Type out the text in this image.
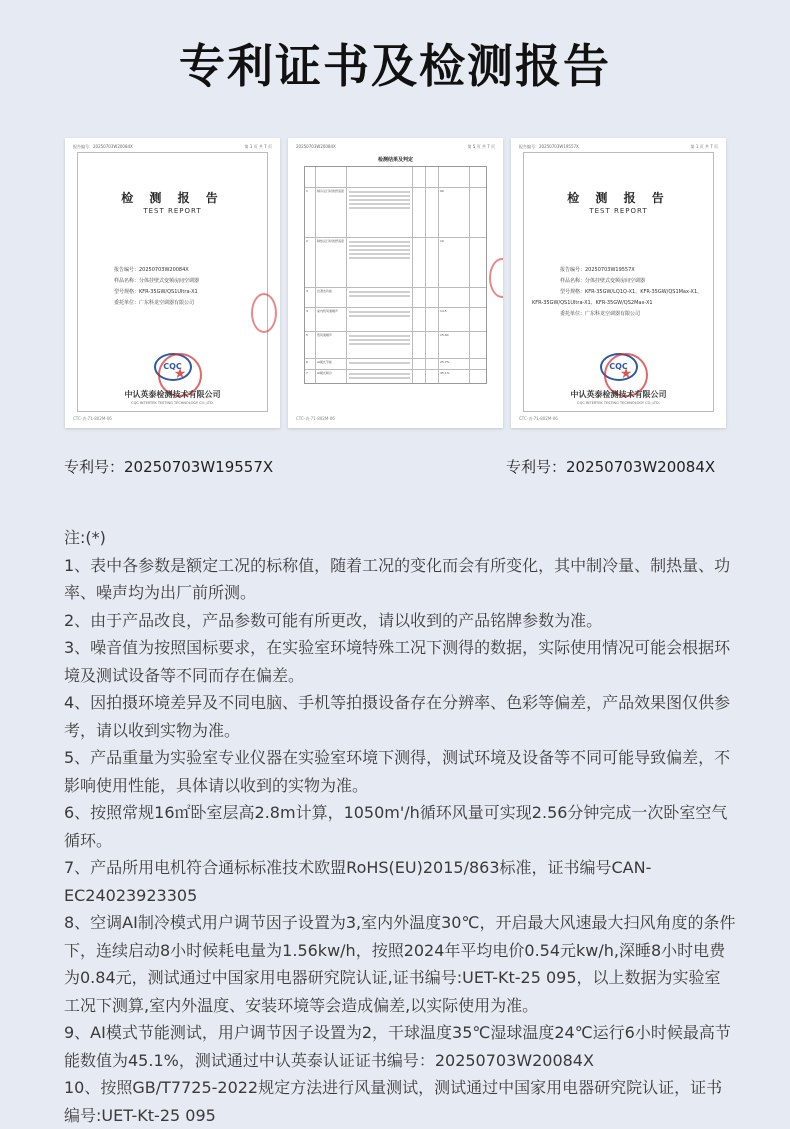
专利证书及检测报告
报告编号：20250703W20084X	第 1 页 共 7 页
检 测 报 告
TEST REPORT
报告编号：20250703W20084X
样品名称：分体挂壁式变频房间空调器
型号规格：KFR-35GW/QS1Ultra-X1
委托单位：广东科龙空调器有限公司
CQC
★
中认英泰检测技术有限公司
CQC INTERTEK TESTING TECHNOLOGY CO.,LTD.
CTC-表-71-802M-06
20250703W20084X	第 5 页 共 7 页
检测结果及判定
1	制冷运行时的舒适度	90
2	制热运行时的舒适度	10
3	自清洁功能
4	室内机风速噪声	14.5
5	低风速噪声	15.40
6	AI模式节能	25.7%
7	AI模式制冷	45.1%
CTC-表-71-802M-06
报告编号：20250703W19557X	第 1 页 共 7 页
检 测 报 告
TEST REPORT
报告编号：20250703W19557X
样品名称：分体挂壁式变频房间空调器
型号规格：KFR-35GW/LQ1Q-X1、KFR-35GW/QS1Max-X1、
KFR-35GW/QS1Ultra-X1、KFR-35GW/QS2Max-X1
委托单位：广东科龙空调器有限公司
CQC
★
中认英泰检测技术有限公司
CQC INTERTEK TESTING TECHNOLOGY CO.,LTD.
CTC-表-71-802M-06
专利号：20250703W19557X	专利号：20250703W20084X

注:(*)

1、表中各参数是额定工况的标称值，随着工况的变化而会有所变化，其中制冷量、制热量、功率、噪声均为出厂前所测。

2、由于产品改良，产品参数可能有所更改，请以收到的产品铭牌参数为准。

3、噪音值为按照国标要求，在实验室环境特殊工况下测得的数据，实际使用情况可能会根据环境及测试设备等不同而存在偏差。

4、因拍摄环境差异及不同电脑、手机等拍摄设备存在分辨率、色彩等偏差，产品效果图仅供参考，请以收到实物为准。

5、产品重量为实验室专业仪器在实验室环境下测得，测试环境及设备等不同可能导致偏差，不影响使用性能，具体请以收到的实物为准。

6、按照常规16㎡卧室层高2.8m计算，1050m'/h循环风量可实现2.56分钟完成一次卧室空气循环。

7、产品所用电机符合通标标准技术欧盟RoHS(EU)2015/863标准，证书编号CAN-EC24023923305

8、空调AI制冷模式用户调节因子设置为3,室内外温度30℃，开启最大风速最大扫风角度的条件下，连续启动8小时候耗电量为1.56kw/h，按照2024年平均电价0.54元kw/h,深睡8小时电费为0.84元，测试通过中国家用电器研究院认证,证书编号:UET-Kt-25 095，以上数据为实验室工况下测算,室内外温度、安装环境等会造成偏差,以实际使用为准。

9、AI模式节能测试，用户调节因子设置为2，干球温度35℃湿球温度24℃运行6小时候最高节能数值为45.1%，测试通过中认英泰认证证书编号：20250703W20084X

10、按照GB/T7725-2022规定方法进行风量测试，测试通过中国家用电器研究院认证，证书编号:UET-Kt-25 095
